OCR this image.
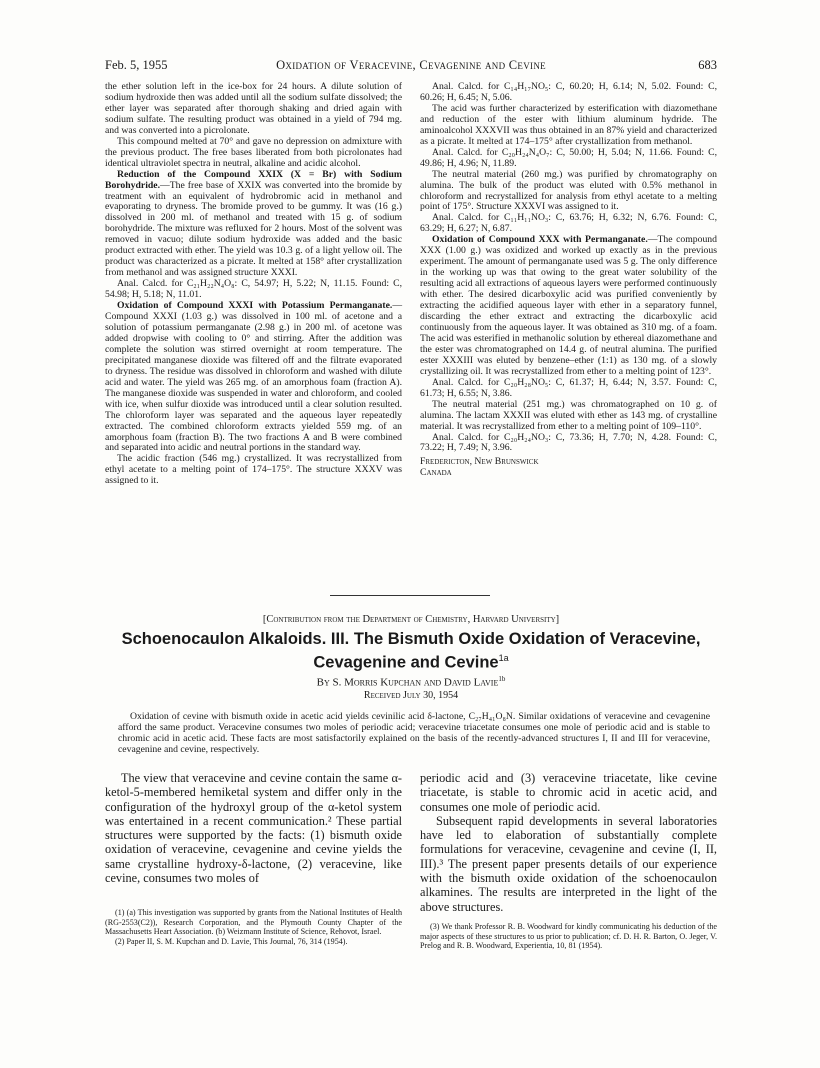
Feb. 5, 1955	Oxidation of Veracevine, Cevagenine and Cevine	683

the ether solution left in the ice-box for 24 hours. A dilute solution of sodium hydroxide then was added until all the sodium sulfate dissolved; the ether layer was separated after thorough shaking and dried again with sodium sulfate. The resulting product was obtained in a yield of 794 mg. and was converted into a picrolonate.

This compound melted at 70° and gave no depression on admixture with the previous product. The free bases liberated from both picrolonates had identical ultraviolet spectra in neutral, alkaline and acidic alcohol.

Reduction of the Compound XXIX (X = Br) with Sodium Borohydride.—The free base of XXIX was converted into the bromide by treatment with an equivalent of hydrobromic acid in methanol and evaporating to dryness. The bromide proved to be gummy. It was (16 g.) dissolved in 200 ml. of methanol and treated with 15 g. of sodium borohydride. The mixture was refluxed for 2 hours. Most of the solvent was removed in vacuo; dilute sodium hydroxide was added and the basic product extracted with ether. The yield was 10.3 g. of a light yellow oil. The product was characterized as a picrate. It melted at 158° after crystallization from methanol and was assigned structure XXXI.

Anal. Calcd. for C₂₁H₂₂N₄O₈: C, 54.97; H, 5.22; N, 11.15. Found: C, 54.98; H, 5.18; N, 11.01.

Oxidation of Compound XXXI with Potassium Permanganate.—Compound XXXI (1.03 g.) was dissolved in 100 ml. of acetone and a solution of potassium permanganate (2.98 g.) in 200 ml. of acetone was added dropwise with cooling to 0° and stirring. After the addition was complete the solution was stirred overnight at room temperature. The precipitated manganese dioxide was filtered off and the filtrate evaporated to dryness. The residue was dissolved in chloroform and washed with dilute acid and water. The yield was 265 mg. of an amorphous foam (fraction A). The manganese dioxide was suspended in water and chloroform, and cooled with ice, when sulfur dioxide was introduced until a clear solution resulted. The chloroform layer was separated and the aqueous layer repeatedly extracted. The combined chloroform extracts yielded 559 mg. of an amorphous foam (fraction B). The two fractions A and B were combined and separated into acidic and neutral portions in the standard way.

The acidic fraction (546 mg.) crystallized. It was recrystallized from ethyl acetate to a melting point of 174–175°. The structure XXXV was assigned to it.

Anal. Calcd. for C₁₄H₁₇NO₅: C, 60.20; H, 6.14; N, 5.02. Found: C, 60.26; H, 6.45; N, 5.06.

The acid was further characterized by esterification with diazomethane and reduction of the ester with lithium aluminum hydride. The aminoalcohol XXXVII was thus obtained in an 87% yield and characterized as a picrate. It melted at 174–175° after crystallization from methanol.

Anal. Calcd. for C₂₀H₂₄N₄O₇: C, 50.00; H, 5.04; N, 11.66. Found: C, 49.86; H, 4.96; N, 11.89.

The neutral material (260 mg.) was purified by chromatography on alumina. The bulk of the product was eluted with 0.5% methanol in chloroform and recrystallized for analysis from ethyl acetate to a melting point of 175°. Structure XXXVI was assigned to it.

Anal. Calcd. for C₁₁H₁₁NO₃: C, 63.76; H, 6.32; N, 6.76. Found: C, 63.29; H, 6.27; N, 6.87.

Oxidation of Compound XXX with Permanganate.—The compound XXX (1.00 g.) was oxidized and worked up exactly as in the previous experiment. The amount of permanganate used was 5 g. The only difference in the working up was that owing to the great water solubility of the resulting acid all extractions of aqueous layers were performed continuously with ether. The desired dicarboxylic acid was purified conveniently by extracting the acidified aqueous layer with ether in a separatory funnel, discarding the ether extract and extracting the dicarboxylic acid continuously from the aqueous layer. It was obtained as 310 mg. of a foam. The acid was esterified in methanolic solution by ethereal diazomethane and the ester was chromatographed on 14.4 g. of neutral alumina. The purified ester XXXIII was eluted by benzene–ether (1:1) as 130 mg. of a slowly crystallizing oil. It was recrystallized from ether to a melting point of 123°.

Anal. Calcd. for C₂₀H₂₈NO₅: C, 61.37; H, 6.44; N, 3.57. Found: C, 61.73; H, 6.55; N, 3.86.

The neutral material (251 mg.) was chromatographed on 10 g. of alumina. The lactam XXXII was eluted with ether as 143 mg. of crystalline material. It was recrystallized from ether to a melting point of 109–110°.

Anal. Calcd. for C₂₀H₂₄NO₃: C, 73.36; H, 7.70; N, 4.28. Found: C, 73.22; H, 7.49; N, 3.96.

Fredericton, New Brunswick

Canada

[Contribution from the Department of Chemistry, Harvard University]
Schoenocaulon Alkaloids. III. The Bismuth Oxide Oxidation of Veracevine,
Cevagenine and Cevine$^{1a}$
By S. Morris Kupchan and David Lavie$^{1b}$
Received July 30, 1954
Oxidation of cevine with bismuth oxide in acetic acid yields cevinilic acid δ-lactone, C₂₇H₄₁O₈N. Similar oxidations of veracevine and cevagenine afford the same product. Veracevine consumes two moles of periodic acid; veracevine triacetate consumes one mole of periodic acid and is stable to chromic acid in acetic acid. These facts are most satisfactorily explained on the basis of the recently-advanced structures I, II and III for veracevine, cevagenine and cevine, respectively.

The view that veracevine and cevine contain the same α-ketol-5-membered hemiketal system and differ only in the configuration of the hydroxyl group of the α-ketol system was entertained in a recent communication.² These partial structures were supported by the facts: (1) bismuth oxide oxidation of veracevine, cevagenine and cevine yields the same crystalline hydroxy-δ-lactone, (2) veracevine, like cevine, consumes two moles of

periodic acid and (3) veracevine triacetate, like cevine triacetate, is stable to chromic acid in acetic acid, and consumes one mole of periodic acid.

Subsequent rapid developments in several laboratories have led to elaboration of substantially complete formulations for veracevine, cevagenine and cevine (I, II, III).³ The present paper presents details of our experience with the bismuth oxide oxidation of the schoenocaulon alkamines. The results are interpreted in the light of the above structures.

(1) (a) This investigation was supported by grants from the National Institutes of Health (RG-2553(C2)), Research Corporation, and the Plymouth County Chapter of the Massachusetts Heart Association. (b) Weizmann Institute of Science, Rehovot, Israel.

(2) Paper II, S. M. Kupchan and D. Lavie, This Journal, 76, 314 (1954).

(3) We thank Professor R. B. Woodward for kindly communicating his deduction of the major aspects of these structures to us prior to publication; cf. D. H. R. Barton, O. Jeger, V. Prelog and R. B. Woodward, Experientia, 10, 81 (1954).
